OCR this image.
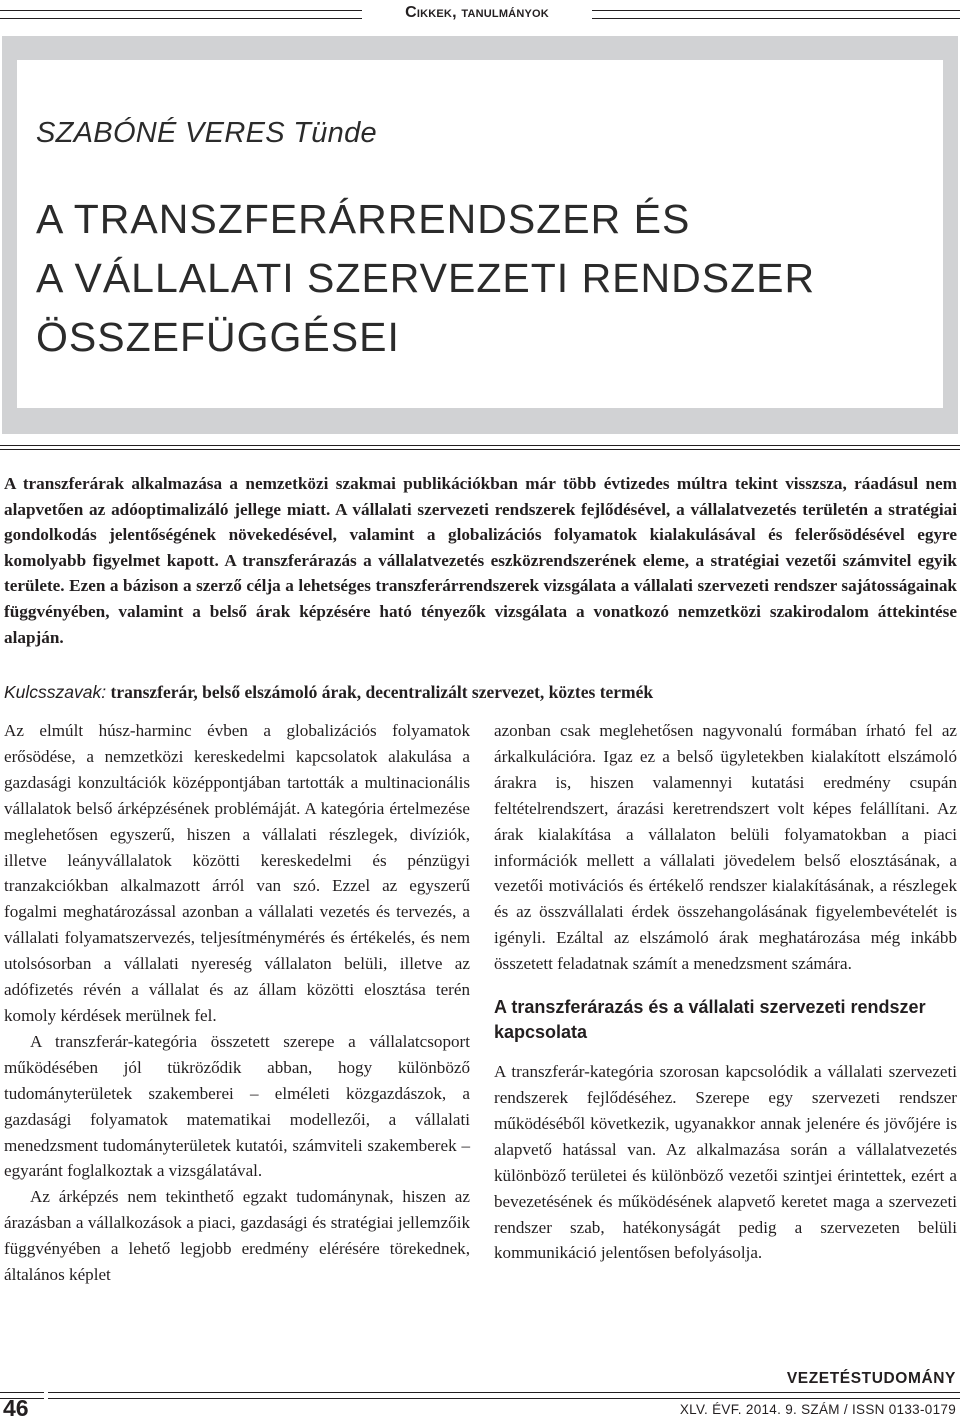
Cikkek, tanulmányok
SZABÓNÉ VERES Tünde
A TRANSZFERÁRRENDSZER ÉS
A VÁLLALATI SZERVEZETI RENDSZER
ÖSSZEFÜGGÉSEI

A transzferárak alkalmazása a nemzetközi szakmai publikációkban már több évtizedes múltra tekint visszsza, ráadásul nem alapvetően az adóoptimalizáló jellege miatt. A vállalati szervezeti rendszerek fejlődésével, a vállalatvezetés területén a stratégiai gondolkodás jelentőségének növekedésével, valamint a globalizációs folyamatok kialakulásával és felerősödésével egyre komolyabb figyelmet kapott. A transzferárazás a vállalatvezetés eszközrendszerének eleme, a stratégiai vezetői számvitel egyik területe. Ezen a bázison a szerző célja a lehetséges transzferárrendszerek vizsgálata a vállalati szervezeti rendszer sajátosságainak függvényében, valamint a belső árak képzésére ható tényezők vizsgálata a vonatkozó nemzetközi szakirodalom áttekintése alapján.

Kulcsszavak: transzferár, belső elszámoló árak, decentralizált szervezet, köztes termék

Az elmúlt húsz-harminc évben a globalizációs folyamatok erősödése, a nemzetközi kereskedelmi kapcsolatok alakulása a gazdasági konzultációk középpontjában tartották a multinacionális vállalatok belső árképzésének problémáját. A kategória értelmezése meglehetősen egyszerű, hiszen a vállalati részlegek, divíziók, illetve leányvállalatok közötti kereskedelmi és pénzügyi tranzakciókban alkalmazott árról van szó. Ezzel az egyszerű fogalmi meghatározással azonban a vállalati vezetés és tervezés, a vállalati folyamatszervezés, teljesítménymérés és értékelés, és nem utolsósorban a vállalati nyereség vállalaton belüli, illetve az adófizetés révén a vállalat és az állam közötti elosztása terén komoly kérdések merülnek fel.

A transzferár-kategória összetett szerepe a vállalatcsoport működésében jól tükröződik abban, hogy különböző tudományterületek szakemberei – elméleti közgazdászok, a gazdasági folyamatok matematikai modellezői, a vállalati menedzsment tudományterületek kutatói, számviteli szakemberek – egyaránt foglalkoztak a vizsgálatával.

Az árképzés nem tekinthető egzakt tudománynak, hiszen az árazásban a vállalkozások a piaci, gazdasági és stratégiai jellemzőik függvényében a lehető legjobb eredmény elérésére törekednek, általános képlet

azonban csak meglehetősen nagyvonalú formában írható fel az árkalkulációra. Igaz ez a belső ügyletekben kialakított elszámoló árakra is, hiszen valamennyi kutatási eredmény csupán feltételrendszert, árazási keretrendszert volt képes felállítani. Az árak kialakítása a vállalaton belüli folyamatokban a piaci információk mellett a vállalati jövedelem belső elosztásának, a vezetői motivációs és értékelő rendszer kialakításának, a részlegek és az összvállalati érdek összehangolásának figyelembevételét is igényli. Ezáltal az elszámoló árak meghatározása még inkább összetett feladatnak számít a menedzsment számára.

A transzferárazás és a vállalati szervezeti rendszer kapcsolata

A transzferár-kategória szorosan kapcsolódik a vállalati szervezeti rendszerek fejlődéséhez. Szerepe egy szervezeti rendszer működéséből következik, ugyanakkor annak jelenére és jövőjére is alapvető hatással van. Az alkalmazása során a vállalatvezetés különböző területei és különböző vezetői szintjei érintettek, ezért a bevezetésének és működésének alapvető keretet maga a szervezeti rendszer szab, hatékonyságát pedig a szervezeten belüli kommunikáció jelentősen befolyásolja.

46
VEZETÉSTUDOMÁNY
XLV. ÉVF. 2014. 9. SZÁM / ISSN 0133-0179
